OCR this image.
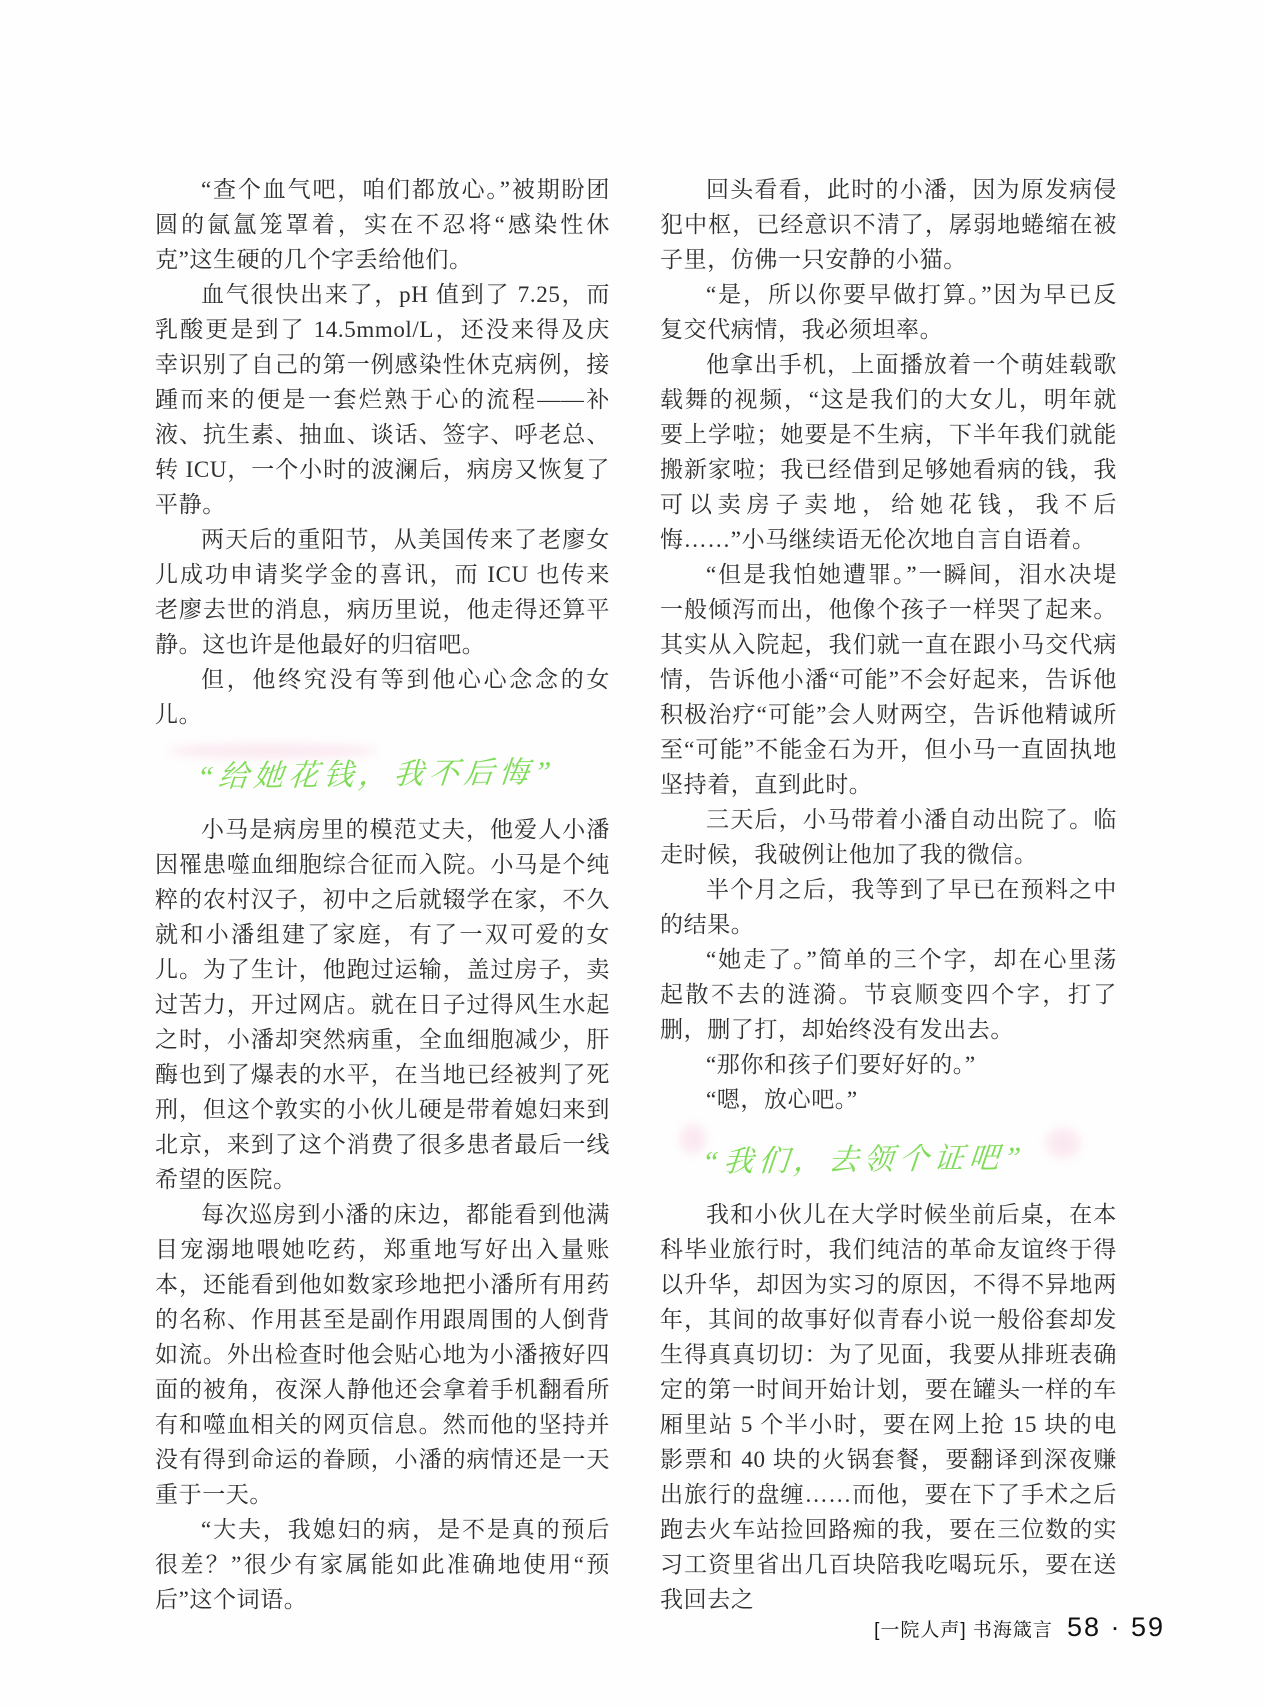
“查个血气吧，咱们都放心。”被期盼团圆的氤氲笼罩着，实在不忍将“感染性休克”这生硬的几个字丢给他们。
血气很快出来了，pH 值到了 7.25，而乳酸更是到了 14.5mmol/L，还没来得及庆幸识别了自己的第一例感染性休克病例，接踵而来的便是一套烂熟于心的流程——补液、抗生素、抽血、谈话、签字、呼老总、转 ICU，一个小时的波澜后，病房又恢复了平静。
两天后的重阳节，从美国传来了老廖女儿成功申请奖学金的喜讯，而 ICU 也传来老廖去世的消息，病历里说，他走得还算平静。这也许是他最好的归宿吧。
但，他终究没有等到他心心念念的女儿。
“给她花钱，我不后悔”
小马是病房里的模范丈夫，他爱人小潘因罹患噬血细胞综合征而入院。小马是个纯粹的农村汉子，初中之后就辍学在家，不久就和小潘组建了家庭，有了一双可爱的女儿。为了生计，他跑过运输，盖过房子，卖过苦力，开过网店。就在日子过得风生水起之时，小潘却突然病重，全血细胞减少，肝酶也到了爆表的水平，在当地已经被判了死刑，但这个敦实的小伙儿硬是带着媳妇来到北京，来到了这个消费了很多患者最后一线希望的医院。
每次巡房到小潘的床边，都能看到他满目宠溺地喂她吃药，郑重地写好出入量账本，还能看到他如数家珍地把小潘所有用药的名称、作用甚至是副作用跟周围的人倒背如流。外出检查时他会贴心地为小潘掖好四面的被角，夜深人静他还会拿着手机翻看所有和噬血相关的网页信息。然而他的坚持并没有得到命运的眷顾，小潘的病情还是一天重于一天。
“大夫，我媳妇的病，是不是真的预后很差？”很少有家属能如此准确地使用“预后”这个词语。
回头看看，此时的小潘，因为原发病侵犯中枢，已经意识不清了，孱弱地蜷缩在被子里，仿佛一只安静的小猫。
“是，所以你要早做打算。”因为早已反复交代病情，我必须坦率。
他拿出手机，上面播放着一个萌娃载歌载舞的视频，“这是我们的大女儿，明年就要上学啦；她要是不生病，下半年我们就能搬新家啦；我已经借到足够她看病的钱，我可以卖房子卖地，给她花钱，我不后悔……”小马继续语无伦次地自言自语着。
“但是我怕她遭罪。”一瞬间，泪水决堤一般倾泻而出，他像个孩子一样哭了起来。其实从入院起，我们就一直在跟小马交代病情，告诉他小潘“可能”不会好起来，告诉他积极治疗“可能”会人财两空，告诉他精诚所至“可能”不能金石为开，但小马一直固执地坚持着，直到此时。
三天后，小马带着小潘自动出院了。临走时候，我破例让他加了我的微信。
半个月之后，我等到了早已在预料之中的结果。
“她走了。”简单的三个字，却在心里荡起散不去的涟漪。节哀顺变四个字，打了删，删了打，却始终没有发出去。
“那你和孩子们要好好的。”
“嗯，放心吧。”
“我们，去领个证吧”
我和小伙儿在大学时候坐前后桌，在本科毕业旅行时，我们纯洁的革命友谊终于得以升华，却因为实习的原因，不得不异地两年，其间的故事好似青春小说一般俗套却发生得真真切切：为了见面，我要从排班表确定的第一时间开始计划，要在罐头一样的车厢里站 5 个半小时，要在网上抢 15 块的电影票和 40 块的火锅套餐，要翻译到深夜赚出旅行的盘缠……而他，要在下了手术之后跑去火车站捡回路痴的我，要在三位数的实习工资里省出几百块陪我吃喝玩乐，要在送我回去之
[一院人声] 书海箴言 58 · 59
